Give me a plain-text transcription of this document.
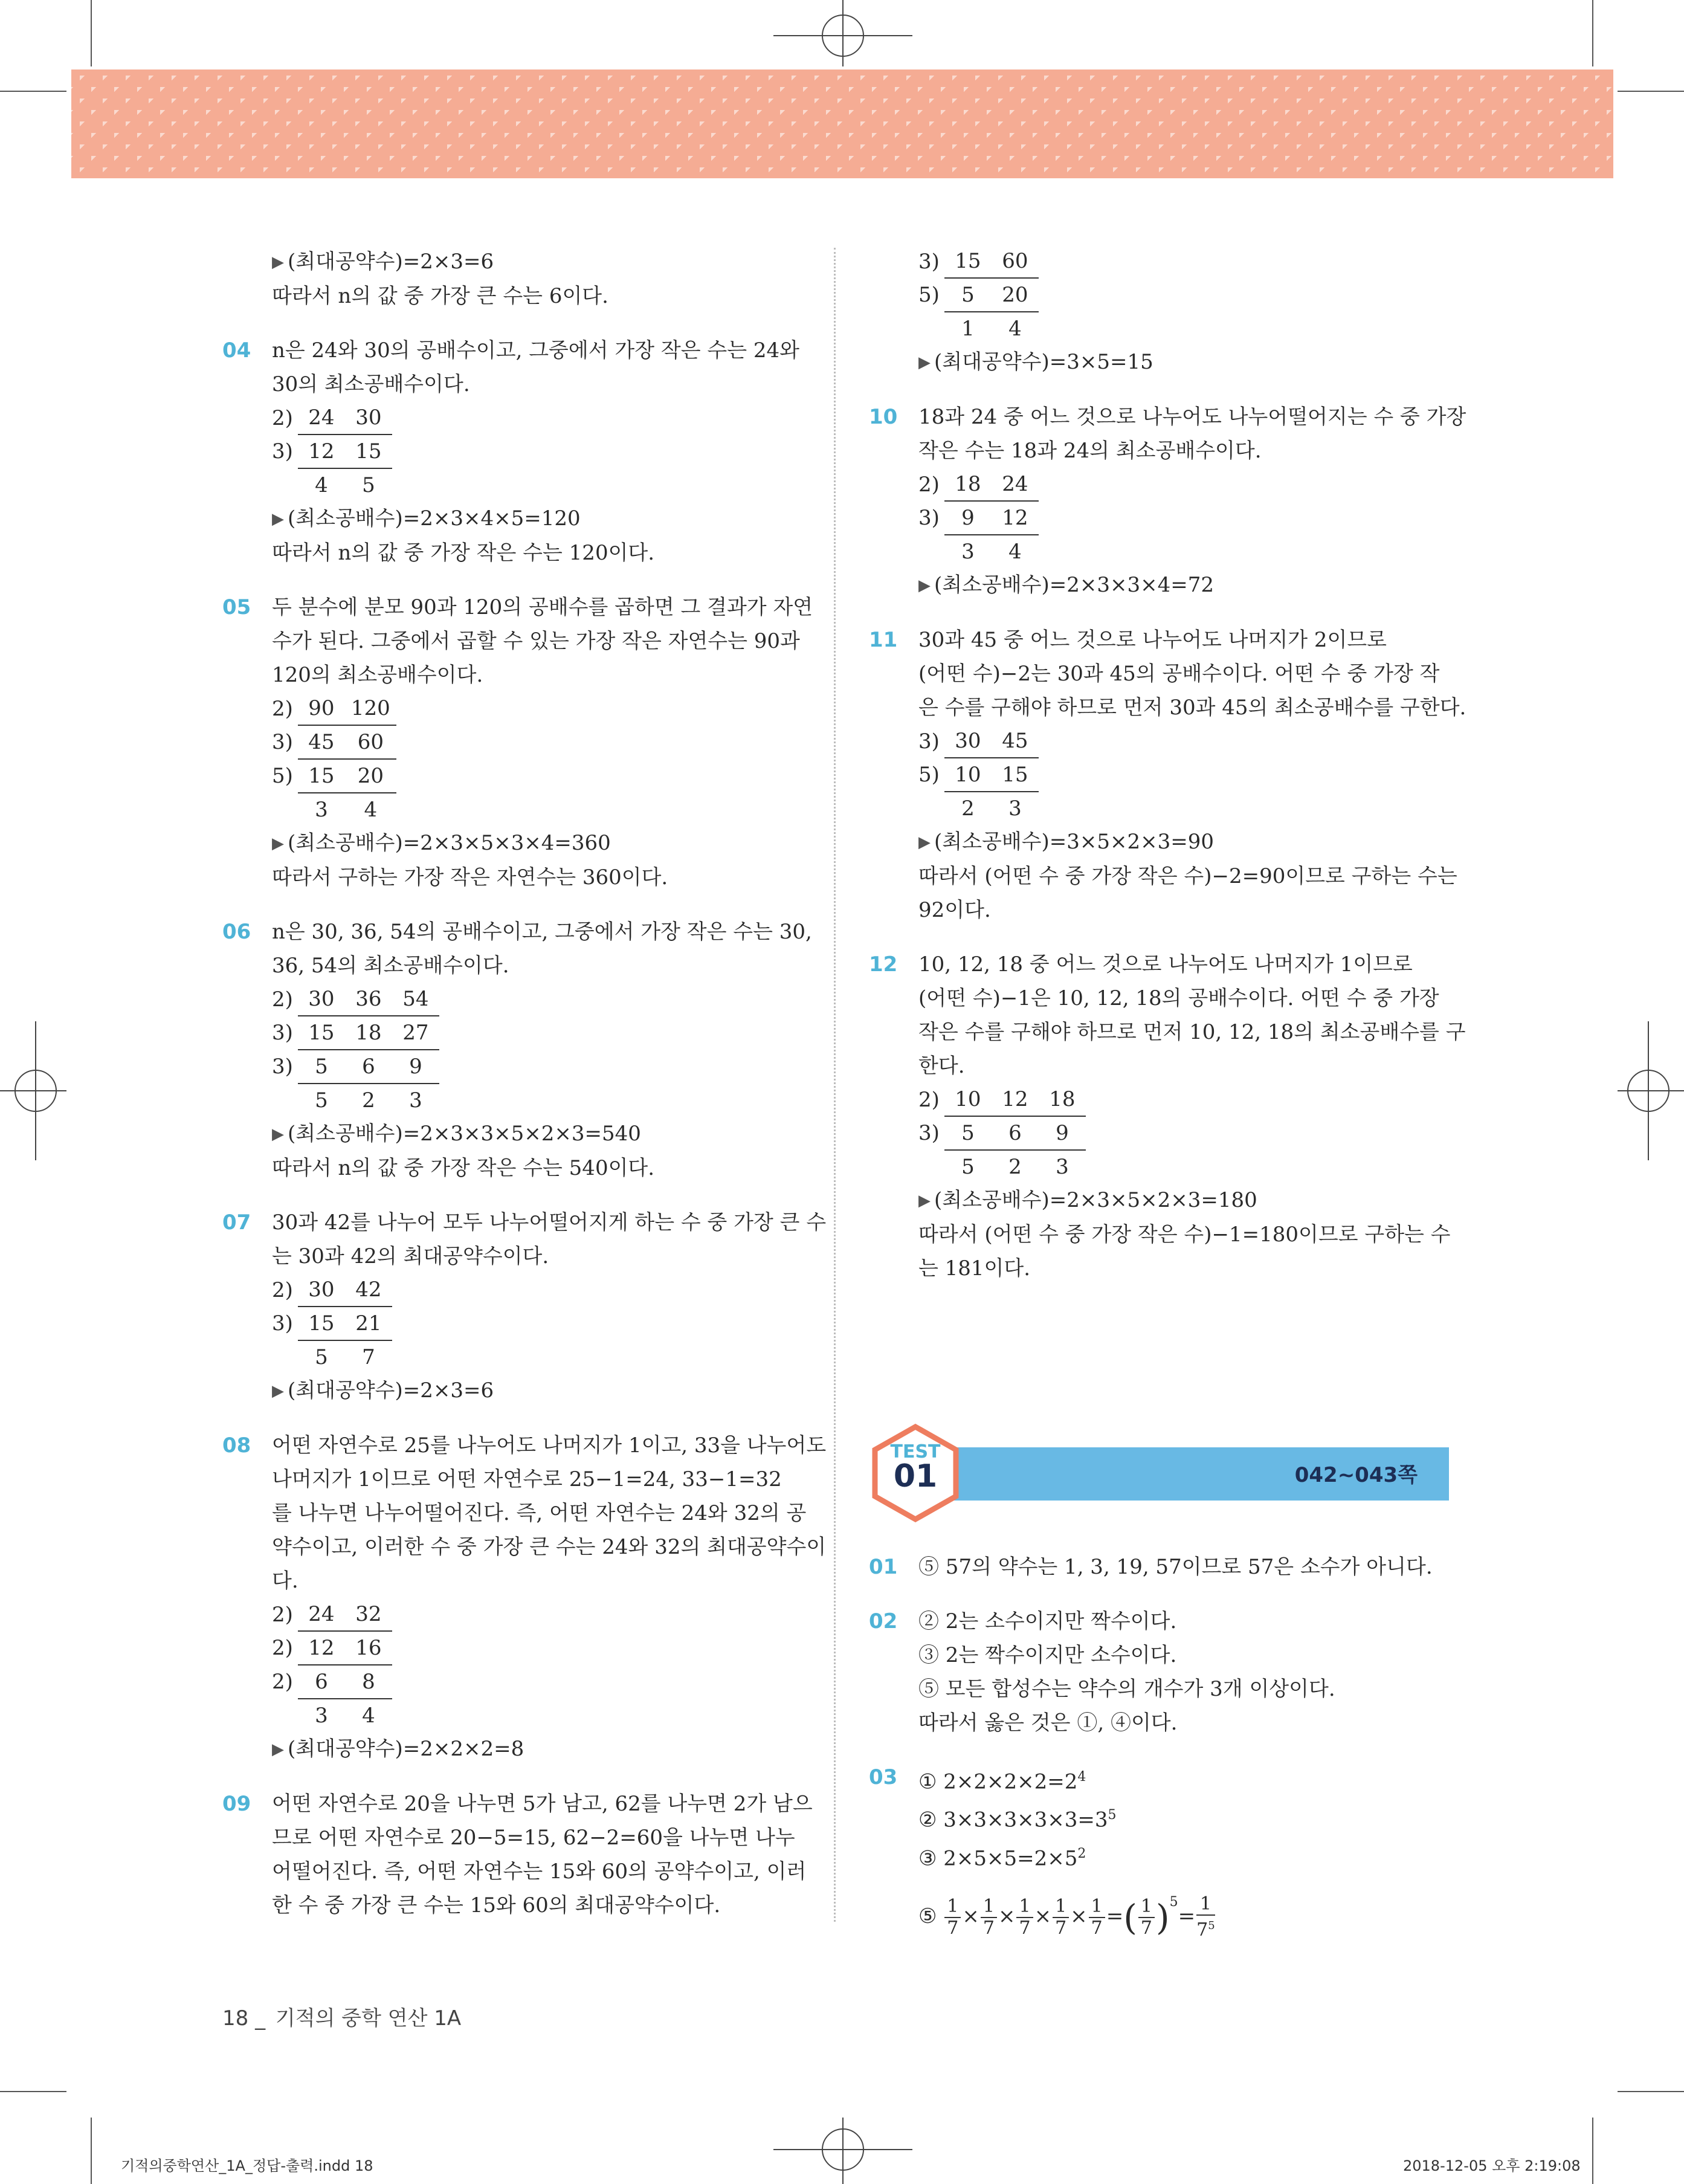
▶ (최대공약수)=2×3=6
따라서 n의 값 중 가장 큰 수는 6이다.
04 n은 24와 30의 공배수이고, 그중에서 가장 작은 수는 24와
30의 최소공배수이다.
2)	24	30
3)	12	15
	4	5
▶ (최소공배수)=2×3×4×5=120
따라서 n의 값 중 가장 작은 수는 120이다.
05 두 분수에 분모 90과 120의 공배수를 곱하면 그 결과가 자연
수가 된다. 그중에서 곱할 수 있는 가장 작은 자연수는 90과
120의 최소공배수이다.
2)	90	120
3)	45	60
5)	15	20
	3	4
▶ (최소공배수)=2×3×5×3×4=360
따라서 구하는 가장 작은 자연수는 360이다.
06 n은 30, 36, 54의 공배수이고, 그중에서 가장 작은 수는 30,
36, 54의 최소공배수이다.
2)	30	36	54
3)	15	18	27
3)	5	6	9
	5	2	3
▶ (최소공배수)=2×3×3×5×2×3=540
따라서 n의 값 중 가장 작은 수는 540이다.
07 30과 42를 나누어 모두 나누어떨어지게 하는 수 중 가장 큰 수
는 30과 42의 최대공약수이다.
2)	30	42
3)	15	21
	5	7
▶ (최대공약수)=2×3=6
08 어떤 자연수로 25를 나누어도 나머지가 1이고, 33을 나누어도
나머지가 1이므로 어떤 자연수로 25−1=24, 33−1=32
를 나누면 나누어떨어진다. 즉, 어떤 자연수는 24와 32의 공
약수이고, 이러한 수 중 가장 큰 수는 24와 32의 최대공약수이
다.
2)	24	32
2)	12	16
2)	6	8
	3	4
▶ (최대공약수)=2×2×2=8
09 어떤 자연수로 20을 나누면 5가 남고, 62를 나누면 2가 남으
므로 어떤 자연수로 20−5=15, 62−2=60을 나누면 나누
어떨어진다. 즉, 어떤 자연수는 15와 60의 공약수이고, 이러
한 수 중 가장 큰 수는 15와 60의 최대공약수이다.
3)	15	60
5)	5	20
	1	4
▶ (최대공약수)=3×5=15
10 18과 24 중 어느 것으로 나누어도 나누어떨어지는 수 중 가장
작은 수는 18과 24의 최소공배수이다.
2)	18	24
3)	9	12
	3	4
▶ (최소공배수)=2×3×3×4=72
11 30과 45 중 어느 것으로 나누어도 나머지가 2이므로
(어떤 수)−2는 30과 45의 공배수이다. 어떤 수 중 가장 작
은 수를 구해야 하므로 먼저 30과 45의 최소공배수를 구한다.
3)	30	45
5)	10	15
	2	3
▶ (최소공배수)=3×5×2×3=90
따라서 (어떤 수 중 가장 작은 수)−2=90이므로 구하는 수는
92이다.
12 10, 12, 18 중 어느 것으로 나누어도 나머지가 1이므로
(어떤 수)−1은 10, 12, 18의 공배수이다. 어떤 수 중 가장
작은 수를 구해야 하므로 먼저 10, 12, 18의 최소공배수를 구
한다.
2)	10	12	18
3)	5	6	9
	5	2	3
▶ (최소공배수)=2×3×5×2×3=180
따라서 (어떤 수 중 가장 작은 수)−1=180이므로 구하는 수
는 181이다.
042~043쪽
TEST
01
01 ⑤ 57의 약수는 1, 3, 19, 57이므로 57은 소수가 아니다.
02 ② 2는 소수이지만 짝수이다.
③ 2는 짝수이지만 소수이다.
⑤ 모든 합성수는 약수의 개수가 3개 이상이다.
따라서 옳은 것은 ①, ④이다.
03 ① $2\times 2\times 2\times 2=2^4$
② $3\times 3\times 3\times 3\times 3=3^5$
③ $2\times 5\times 5=2\times 5^2$
⑤ $\frac{1}{7} \times \frac{1}{7} \times \frac{1}{7} \times \frac{1}{7} \times \frac{1}{7}$ =( $\frac{1}{7} )^5= \frac{1}{7^5}$
18 _ 기적의 중학 연산 1A
기적의중학연산_1A_정답-출력.indd 18	2018-12-05 오후 2:19:08
